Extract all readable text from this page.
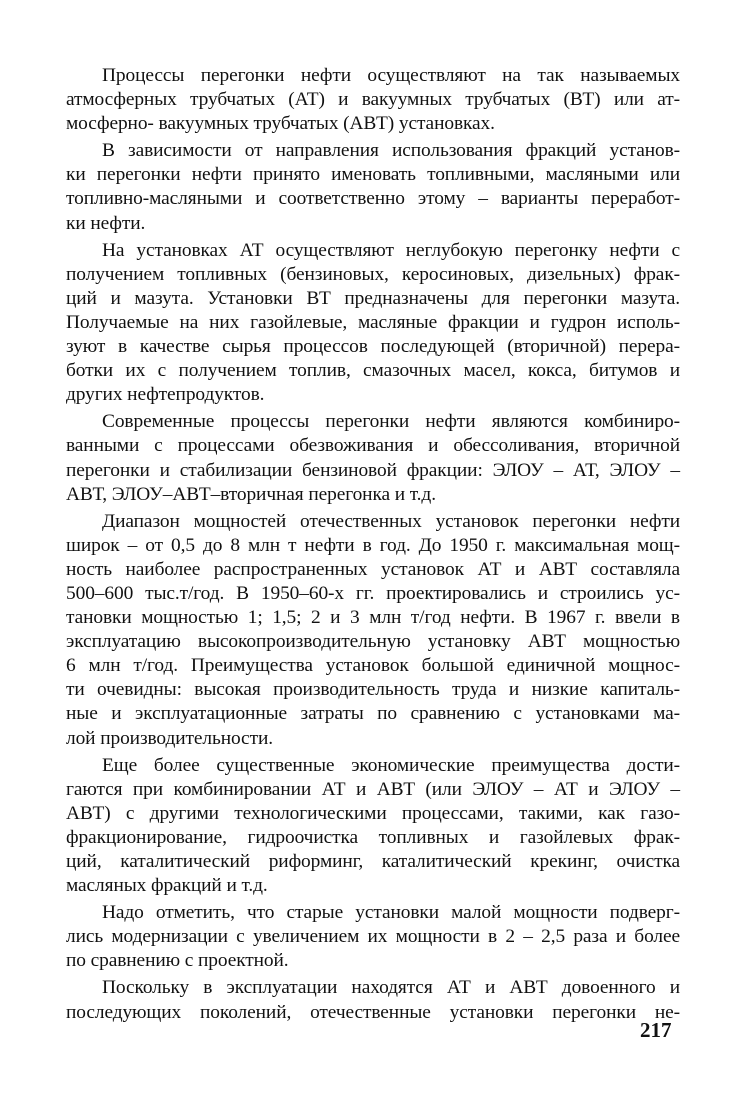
Процессы перегонки нефти осуществляют на так называемых
атмосферных трубчатых (АТ) и вакуумных трубчатых (ВТ) или ат-
мосферно- вакуумных трубчатых (АВТ) установках.
В зависимости от направления использования фракций установ-
ки перегонки нефти принято именовать топливными, масляными или
топливно-масляными и соответственно этому – варианты переработ-
ки нефти.
На установках АТ осуществляют неглубокую перегонку нефти с
получением топливных (бензиновых, керосиновых, дизельных) фрак-
ций и мазута. Установки ВТ предназначены для перегонки мазута.
Получаемые на них газойлевые, масляные фракции и гудрон исполь-
зуют в качестве сырья процессов последующей (вторичной) перера-
ботки их с получением топлив, смазочных масел, кокса, битумов и
других нефтепродуктов.
Современные процессы перегонки нефти являются комбиниро-
ванными с процессами обезвоживания и обессоливания, вторичной
перегонки и стабилизации бензиновой фракции: ЭЛОУ – АТ, ЭЛОУ –
АВТ, ЭЛОУ–АВТ–вторичная перегонка и т.д.
Диапазон мощностей отечественных установок перегонки нефти
широк – от 0,5 до 8 млн т нефти в год. До 1950 г. максимальная мощ-
ность наиболее распространенных установок АТ и АВТ составляла
500–600 тыс.т/год. В 1950–60-х гг. проектировались и строились ус-
тановки мощностью 1; 1,5; 2 и 3 млн т/год нефти. В 1967 г. ввели в
эксплуатацию высокопроизводительную установку АВТ мощностью
6 млн т/год. Преимущества установок большой единичной мощнос-
ти очевидны: высокая производительность труда и низкие капиталь-
ные и эксплуатационные затраты по сравнению с установками ма-
лой производительности.
Еще более существенные экономические преимущества дости-
гаются при комбинировании АТ и АВТ (или ЭЛОУ – АТ и ЭЛОУ –
АВТ) с другими технологическими процессами, такими, как газо-
фракционирование, гидроочистка топливных и газойлевых фрак-
ций, каталитический риформинг, каталитический крекинг, очистка
масляных фракций и т.д.
Надо отметить, что старые установки малой мощности подверг-
лись модернизации с увеличением их мощности в 2 – 2,5 раза и более
по сравнению с проектной.
Поскольку в эксплуатации находятся АТ и АВТ довоенного и
последующих поколений, отечественные установки перегонки не-
217
